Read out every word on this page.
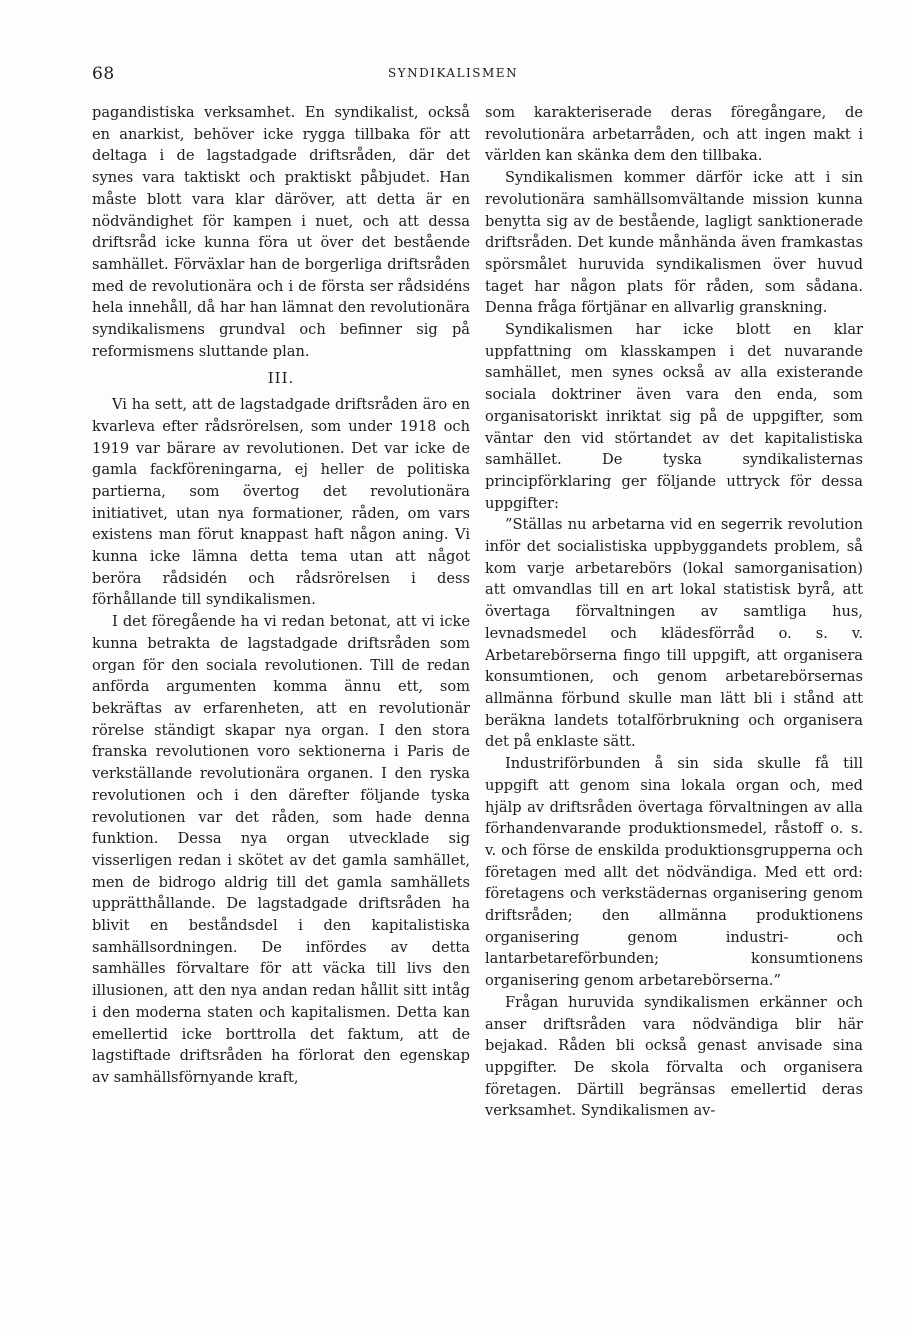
68	SYNDIKALISMEN

pagandistiska verksamhet. En syndikalist, också en anarkist, behöver icke rygga tillbaka för att deltaga i de lagstadgade driftsråden, där det synes vara taktiskt och praktiskt påbjudet. Han måste blott vara klar däröver, att detta är en nödvändighet för kampen i nuet, och att dessa driftsråd icke kunna föra ut över det bestående samhället. Förväxlar han de borgerliga driftsråden med de revolutionära och i de första ser rådsidéns hela innehåll, då har han lämnat den revolutionära syndikalismens grundval och befinner sig på reformismens sluttande plan.

III.

Vi ha sett, att de lagstadgade driftsråden äro en kvarleva efter rådsrörelsen, som under 1918 och 1919 var bärare av revolutionen. Det var icke de gamla fackföreningarna, ej heller de politiska partierna, som övertog det revolutionära initiativet, utan nya formationer, råden, om vars existens man förut knappast haft någon aning. Vi kunna icke lämna detta tema utan att något beröra rådsidén och rådsrörelsen i dess förhållande till syndikalismen.

I det föregående ha vi redan betonat, att vi icke kunna betrakta de lagstadgade driftsråden som organ för den sociala revolutionen. Till de redan anförda argumenten komma ännu ett, som bekräftas av erfarenheten, att en revolutionär rörelse ständigt skapar nya organ. I den stora franska revolutionen voro sektionerna i Paris de verkställande revolutionära organen. I den ryska revolutionen och i den därefter följande tyska revolutionen var det råden, som hade denna funktion. Dessa nya organ utvecklade sig visserligen redan i skötet av det gamla samhället, men de bidrogo aldrig till det gamla samhällets upprätthållande. De lagstadgade driftsråden ha blivit en beståndsdel i den kapitalistiska samhällsordningen. De infördes av detta samhälles förvaltare för att väcka till livs den illusionen, att den nya andan redan hållit sitt intåg i den moderna staten och kapitalismen. Detta kan emellertid icke borttrolla det faktum, att de lagstiftade driftsråden ha förlorat den egenskap av samhällsförnyande kraft,

som karakteriserade deras föregångare, de revolutionära arbetarråden, och att ingen makt i världen kan skänka dem den tillbaka.

Syndikalismen kommer därför icke att i sin revolutionära samhällsomvältande mission kunna benytta sig av de bestående, lagligt sanktionerade driftsråden. Det kunde månhända även framkastas spörsmålet huruvida syndikalismen över huvud taget har någon plats för råden, som sådana. Denna fråga förtjänar en allvarlig granskning.

Syndikalismen har icke blott en klar uppfattning om klasskampen i det nuvarande samhället, men synes också av alla existerande sociala doktriner även vara den enda, som organisatoriskt inriktat sig på de uppgifter, som väntar den vid störtandet av det kapitalistiska samhället. De tyska syndikalisternas principförklaring ger följande uttryck för dessa uppgifter:

”Ställas nu arbetarna vid en segerrik revolution inför det socialistiska uppbyggandets problem, så kom varje arbetarebörs (lokal samorganisation) att omvandlas till en art lokal statistisk byrå, att övertaga förvaltningen av samtliga hus, levnadsmedel och klädesförråd o. s. v. Arbetarebörserna fingo till uppgift, att organisera konsumtionen, och genom arbetarebörsernas allmänna förbund skulle man lätt bli i stånd att beräkna landets totalförbrukning och organisera det på enklaste sätt.

Industriförbunden å sin sida skulle få till uppgift att genom sina lokala organ och, med hjälp av driftsråden övertaga förvaltningen av alla förhandenvarande produktionsmedel, råstoff o. s. v. och förse de enskilda produktionsgrupperna och företagen med allt det nödvändiga. Med ett ord: företagens och verkstädernas organisering genom driftsråden; den allmänna produktionens organisering genom industri- och lantarbetareförbunden; konsumtionens organisering genom arbetarebörserna.”

Frågan huruvida syndikalismen erkänner och anser driftsråden vara nödvändiga blir här bejakad. Råden bli också genast anvisade sina uppgifter. De skola förvalta och organisera företagen. Därtill begränsas emellertid deras verksamhet. Syndikalismen av-
